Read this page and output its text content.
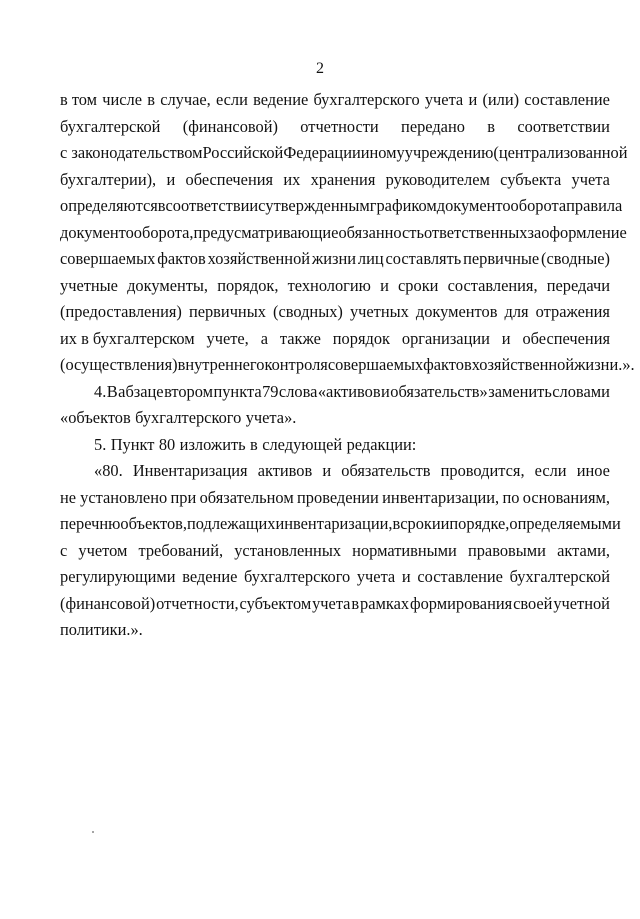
2
в том числе в случае, если ведение бухгалтерского учета и (или) составление
бухгалтерской (финансовой) отчетности передано в соответствии
с законодательством Российской Федерации иному учреждению (централизованной
бухгалтерии), и обеспечения их хранения руководителем субъекта учета
определяются в соответствии с утвержденным графиком документооборота правила
документооборота, предусматривающие обязанность ответственных за оформление
совершаемых фактов хозяйственной жизни лиц составлять первичные (сводные)
учетные документы, порядок, технологию и сроки составления, передачи
(предоставления) первичных (сводных) учетных документов для отражения
их в бухгалтерском учете, а также порядок организации и обеспечения
(осуществления) внутреннего контроля совершаемых фактов хозяйственной жизни.».
4. В абзаце втором пункта 79 слова «активов и обязательств» заменить словами
«объектов бухгалтерского учета».
5. Пункт 80 изложить в следующей редакции:
«80. Инвентаризация активов и обязательств проводится, если иное
не установлено при обязательном проведении инвентаризации, по основаниям,
перечню объектов, подлежащих инвентаризации, в сроки и порядке, определяемыми
с учетом требований, установленных нормативными правовыми актами,
регулирующими ведение бухгалтерского учета и составление бухгалтерской
(финансовой) отчетности, субъектом учета в рамках формирования своей учетной
политики.».
